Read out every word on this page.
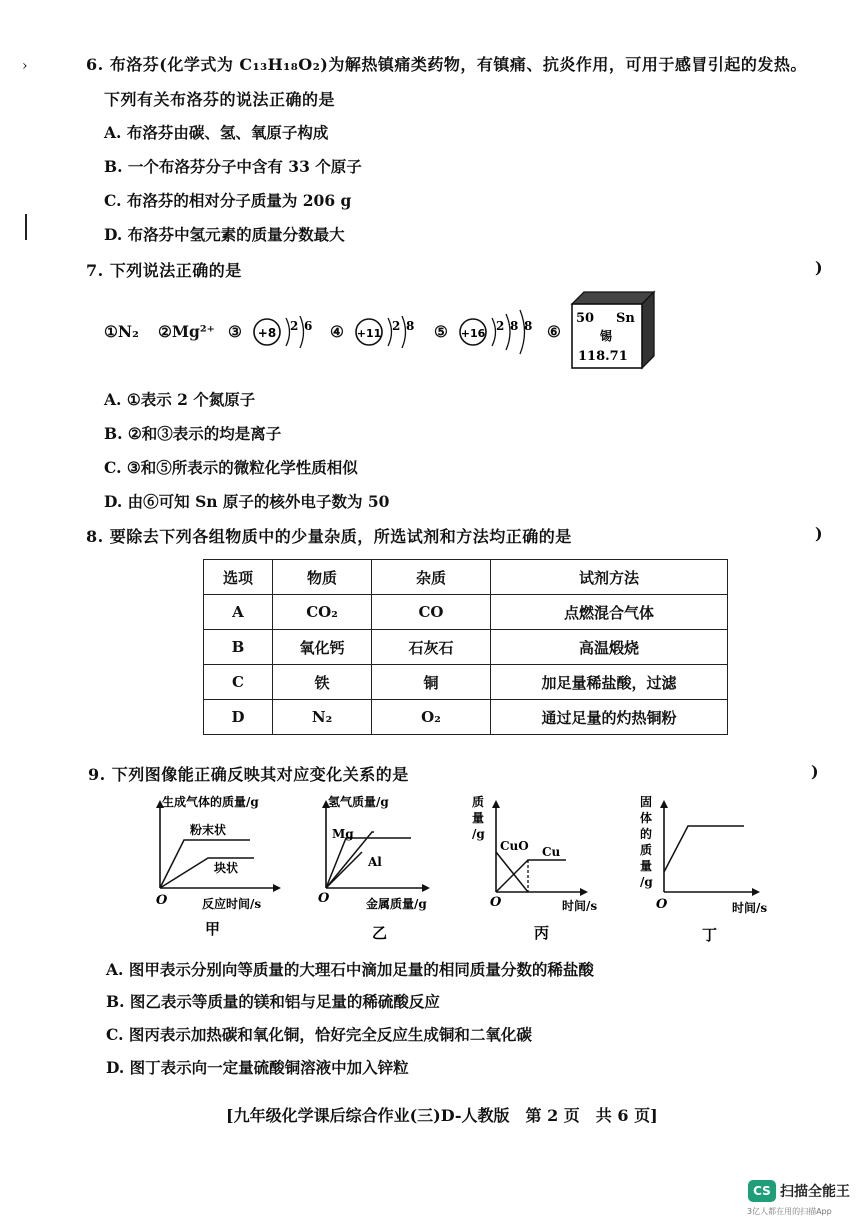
6. 布洛芬(化学式为 C₁₃H₁₈O₂)为解热镇痛类药物，有镇痛、抗炎作用，可用于感冒引起的发热。
下列有关布洛芬的说法正确的是
A. 布洛芬由碳、氢、氧原子构成
B. 一个布洛芬分子中含有 33 个原子
C. 布洛芬的相对分子质量为 206 g
D. 布洛芬中氢元素的质量分数最大
7. 下列说法正确的是	)
①N₂ ②Mg²⁺ ③ +8 2 6 ④ +11
2 8 ⑤ +16
2 8 8 ⑥
50 Sn
锡
118.71
A. ①表示 2 个氮原子
B. ②和③表示的均是离子
C. ③和⑤所表示的微粒化学性质相似
D. 由⑥可知 Sn 原子的核外电子数为 50
8. 要除去下列各组物质中的少量杂质，所选试剂和方法均正确的是	)
选项	物质	杂质	试剂方法
A	CO₂	CO	点燃混合气体
B	氧化钙	石灰石	高温煅烧
C	铁	铜	加足量稀盐酸，过滤
D	N₂	O₂	通过足量的灼热铜粉
9. 下列图像能正确反映其对应变化关系的是	)
生成气体的质量/g
粉末状
块状
O	反应时间/s
甲
氢气质量/g
Mg
Al
O	金属质量/g
乙
质
量
/g
CuO Cu
O	时间/s
丙
固
体
的
质
量
/g
O	时间/s
丁
A. 图甲表示分别向等质量的大理石中滴加足量的相同质量分数的稀盐酸
B. 图乙表示等质量的镁和铝与足量的稀硫酸反应
C. 图丙表示加热碳和氧化铜，恰好完全反应生成铜和二氧化碳
D. 图丁表示向一定量硫酸铜溶液中加入锌粒
[九年级化学课后综合作业(三)D-人教版　第 2 页　共 6 页]
›
CS 扫描全能王
3亿人都在用的扫描App
